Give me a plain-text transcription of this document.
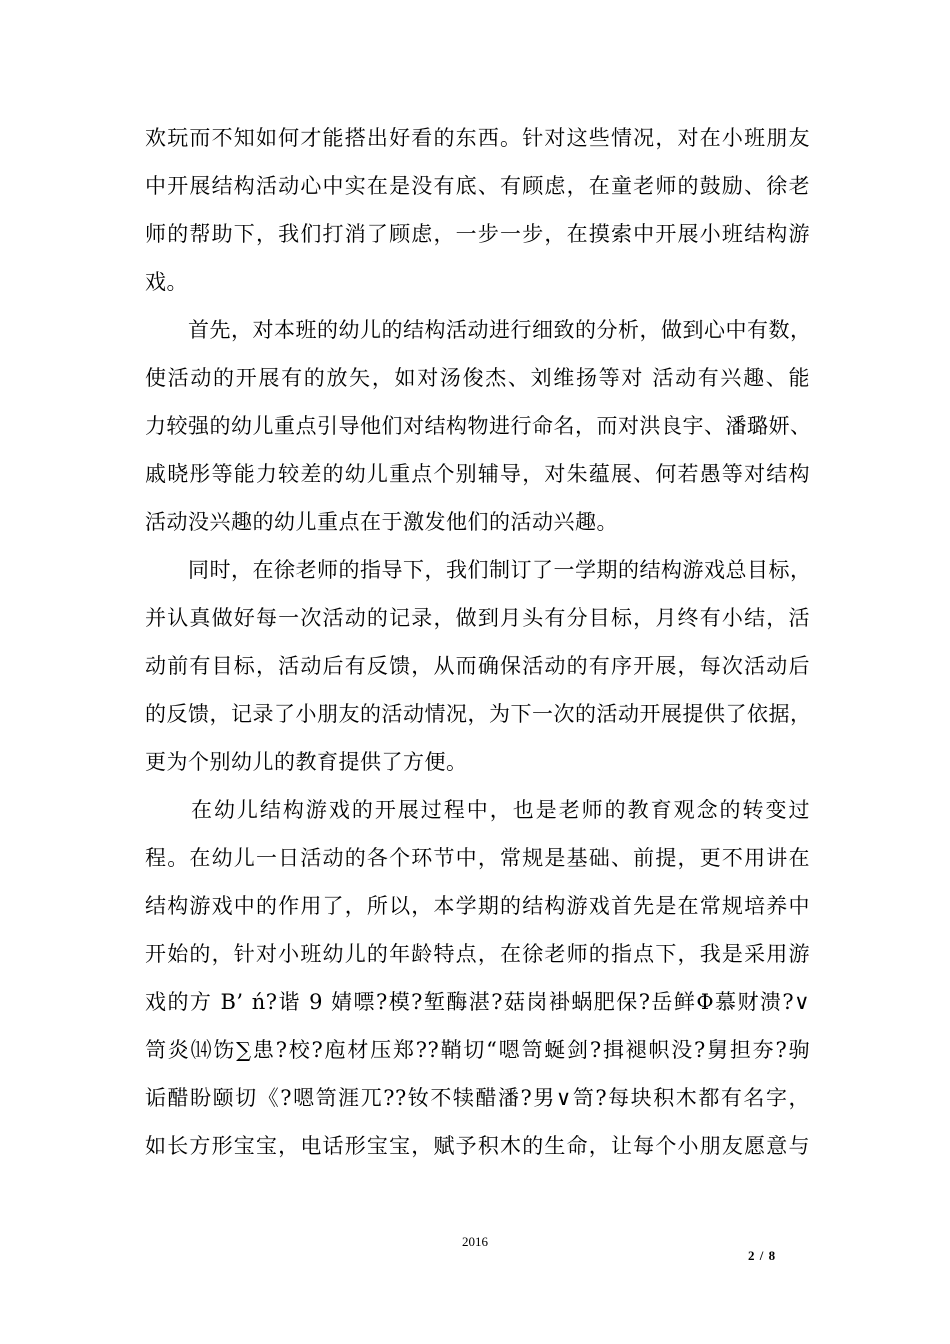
欢玩而不知如何才能搭出好看的东西。针对这些情况，对在小班朋友
中开展结构活动心中实在是没有底、有顾虑，在童老师的鼓励、徐老
师的帮助下，我们打消了顾虑，一步一步，在摸索中开展小班结构游
戏。
　　首先，对本班的幼儿的结构活动进行细致的分析，做到心中有数，
使活动的开展有的放矢，如对汤俊杰、刘维扬等对 活动有兴趣、能
力较强的幼儿重点引导他们对结构物进行命名，而对洪良宇、潘璐妍、
戚晓彤等能力较差的幼儿重点个别辅导，对朱蕴展、何若愚等对结构
活动没兴趣的幼儿重点在于激发他们的活动兴趣。
　　同时，在徐老师的指导下，我们制订了一学期的结构游戏总目标，
并认真做好每一次活动的记录，做到月头有分目标，月终有小结，活
动前有目标，活动后有反馈，从而确保活动的有序开展，每次活动后
的反馈，记录了小朋友的活动情况，为下一次的活动开展提供了依据，
更为个别幼儿的教育提供了方便。
　　在幼儿结构游戏的开展过程中，也是老师的教育观念的转变过
程。在幼儿一日活动的各个环节中，常规是基础、前提，更不用讲在
结构游戏中的作用了，所以，本学期的结构游戏首先是在常规培养中
开始的，针对小班幼儿的年龄特点，在徐老师的指点下，我是采用游
戏的方 B’ ń?谐 9 婧嘌?模?堑酶湛?菇岗褂蜗肥保?岳鲜Φ慕财溃?∨
笥炎⒁饬∑患?校?庖材压郑??鞘切“嗯笥蜒剑?揖褪帜没?舅担夯?驹
诟醋盼颐切《?嗯笥涯兀??钕不犊醋潘?男∨笥?每块积木都有名字，
如长方形宝宝，电话形宝宝，赋予积木的生命，让每个小朋友愿意与
2016
2 / 8
